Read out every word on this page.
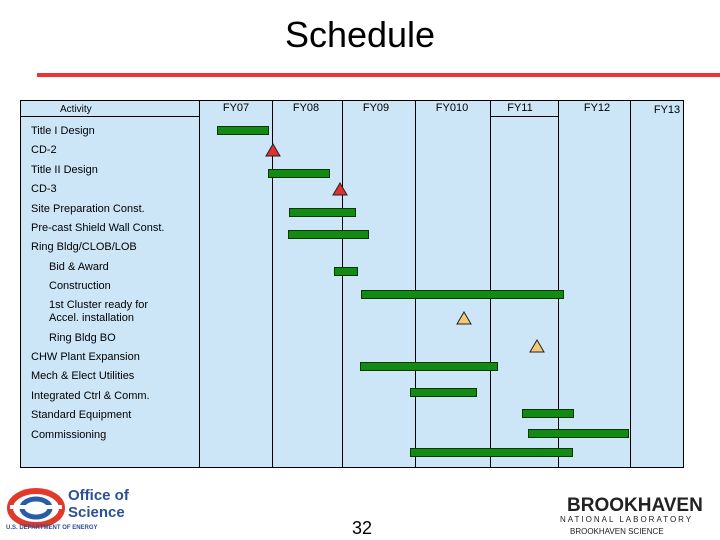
Schedule
Activity	FY07	FY08	FY09	FY010	FY11	FY12	FY13
Title I Design
CD-2
Title II Design
CD-3
Site Preparation Const.
Pre-cast Shield Wall Const.
Ring Bldg/CLOB/LOB
Bid & Award
Construction
1st Cluster ready for Accel. installation
Ring Bldg BO
CHW Plant Expansion
Mech & Elect Utilities
Integrated Ctrl & Comm.
Standard Equipment
Commissioning
Office of
Science
U.S. DEPARTMENT OF ENERGY	32
BROOKHAVEN
NATIONAL LABORATORY
BROOKHAVEN SCIENCE
